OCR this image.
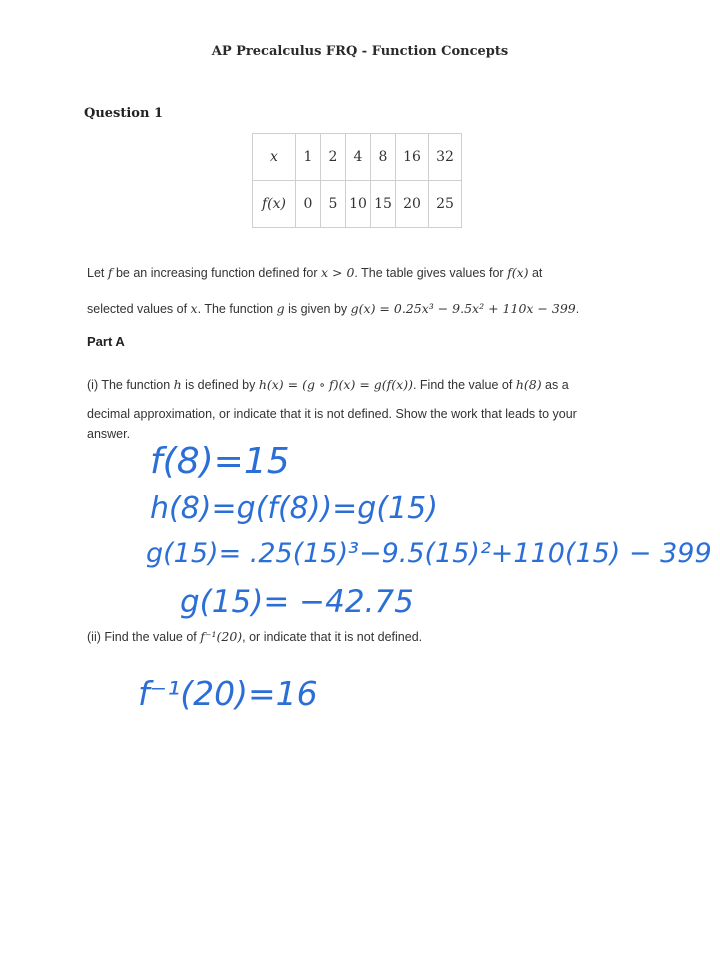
AP Precalculus FRQ - Function Concepts
Question 1
x	1	2	4	8	16	32
f(x)	0	5	10	15	20	25
Let f be an increasing function defined for x > 0. The table gives values for f(x) at
selected values of x. The function g is given by g(x) = 0.25x³ − 9.5x² + 110x − 399.
Part A
(i) The function h is defined by h(x) = (g ∘ f)(x) = g(f(x)). Find the value of h(8) as a
decimal approximation, or indicate that it is not defined. Show the work that leads to your
answer.
(ii) Find the value of f⁻¹(20), or indicate that it is not defined.
f(8)=15
h(8)=g(f(8))=g(15)
g(15)= .25(15)³−9.5(15)²+110(15) − 399
g(15)= −42.75
f⁻¹(20)=16
